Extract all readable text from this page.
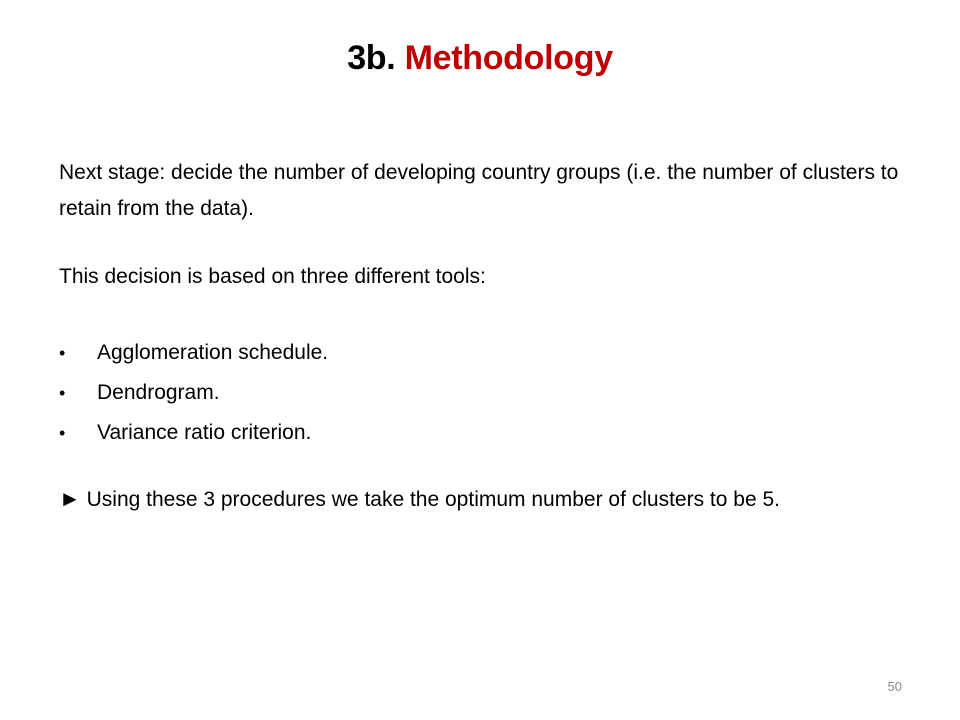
3b. Methodology

Next stage: decide the number of developing country groups (i.e. the number of clusters to retain from the data).

This decision is based on three different tools:

• Agglomeration schedule.
• Dendrogram.
• Variance ratio criterion.

► Using these 3 procedures we take the optimum number of clusters to be 5.

50
